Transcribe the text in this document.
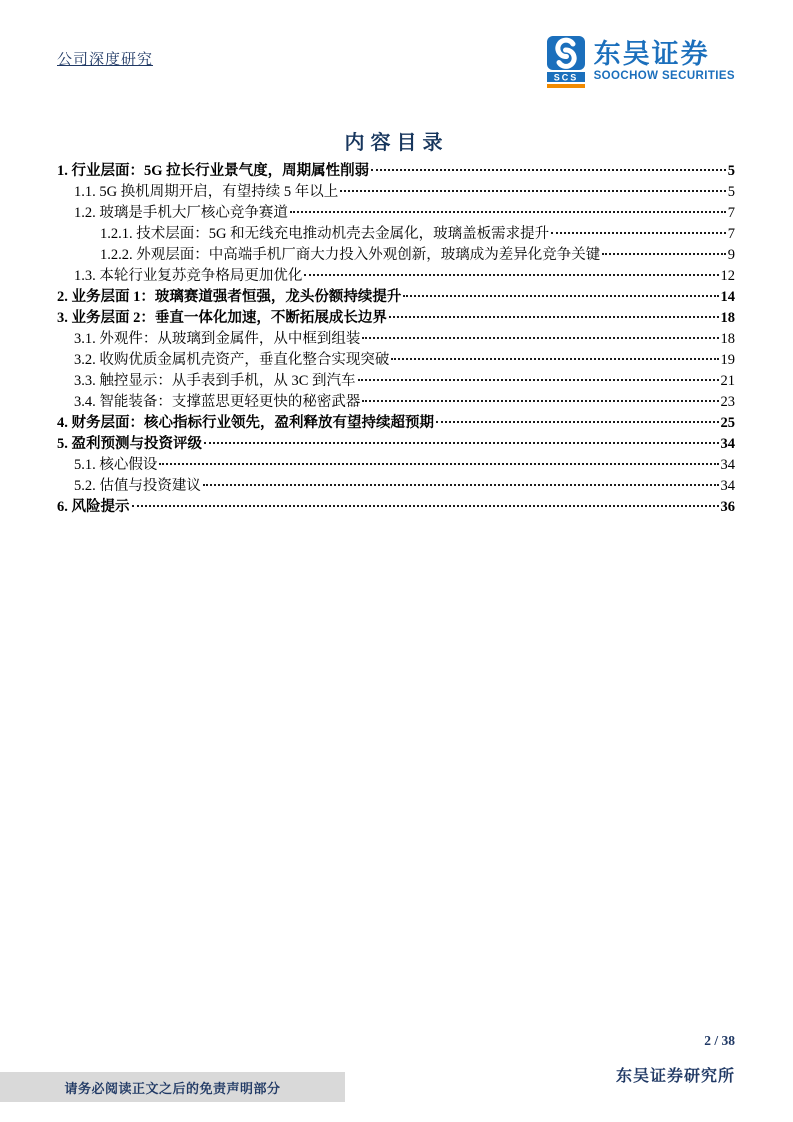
公司深度研究
SCS
东吴证券
SOOCHOW SECURITIES
内容目录
1. 行业层面：5G 拉长行业景气度，周期属性削弱	5
1.1. 5G 换机周期开启，有望持续 5 年以上	5
1.2. 玻璃是手机大厂核心竞争赛道	7
1.2.1. 技术层面：5G 和无线充电推动机壳去金属化，玻璃盖板需求提升	7
1.2.2. 外观层面：中高端手机厂商大力投入外观创新，玻璃成为差异化竞争关键	9
1.3. 本轮行业复苏竞争格局更加优化	12
2. 业务层面 1：玻璃赛道强者恒强，龙头份额持续提升	14
3. 业务层面 2：垂直一体化加速，不断拓展成长边界	18
3.1. 外观件：从玻璃到金属件，从中框到组装	18
3.2. 收购优质金属机壳资产，垂直化整合实现突破	19
3.3. 触控显示：从手表到手机，从 3C 到汽车	21
3.4. 智能装备：支撑蓝思更轻更快的秘密武器	23
4. 财务层面：核心指标行业领先，盈利释放有望持续超预期	25
5. 盈利预测与投资评级	34
5.1. 核心假设	34
5.2. 估值与投资建议	34
6. 风险提示	36
2 / 38
东吴证券研究所
请务必阅读正文之后的免责声明部分
